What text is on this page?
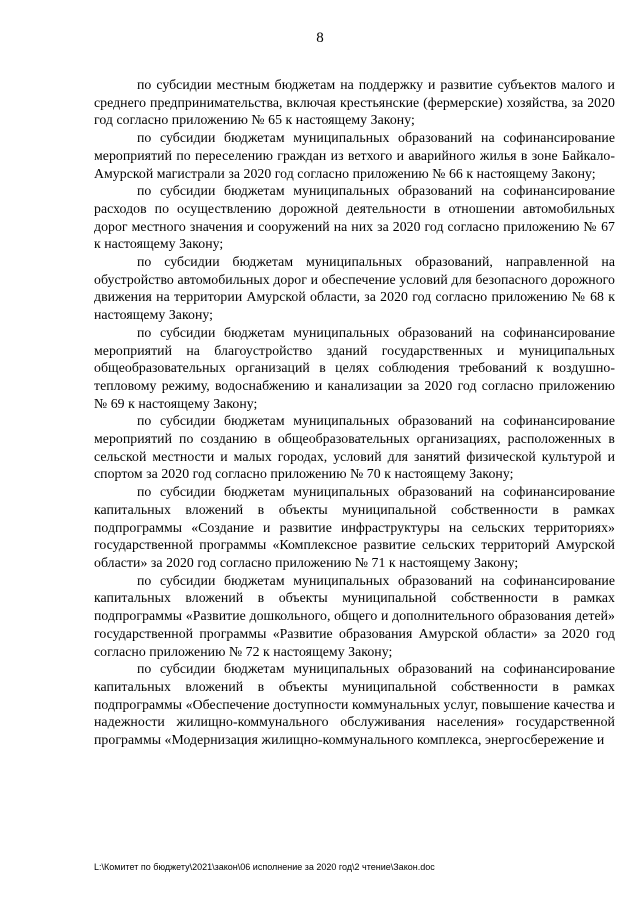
8

по субсидии местным бюджетам на поддержку и развитие субъектов малого и среднего предпринимательства, включая крестьянские (фермерские) хозяйства, за 2020 год согласно приложению № 65 к настоящему Закону;

по субсидии бюджетам муниципальных образований на софинансирование мероприятий по переселению граждан из ветхого и аварийного жилья в зоне Байкало-Амурской магистрали за 2020 год согласно приложению № 66 к настоящему Закону;

по субсидии бюджетам муниципальных образований на софинансирование расходов по осуществлению дорожной деятельности в отношении автомобильных дорог местного значения и сооружений на них за 2020 год согласно приложению № 67 к настоящему Закону;

по субсидии бюджетам муниципальных образований, направленной на обустройство автомобильных дорог и обеспечение условий для безопасного дорожного движения на территории Амурской области, за 2020 год согласно приложению № 68 к настоящему Закону;

по субсидии бюджетам муниципальных образований на софинансирование мероприятий на благоустройство зданий государственных и муниципальных общеобразовательных организаций в целях соблюдения требований к воздушно-тепловому режиму, водоснабжению и канализации за 2020 год согласно приложению № 69 к настоящему Закону;

по субсидии бюджетам муниципальных образований на софинансирование мероприятий по созданию в общеобразовательных организациях, расположенных в сельской местности и малых городах, условий для занятий физической культурой и спортом за 2020 год согласно приложению № 70 к настоящему Закону;

по субсидии бюджетам муниципальных образований на софинансирование капитальных вложений в объекты муниципальной собственности в рамках подпрограммы «Создание и развитие инфраструктуры на сельских территориях» государственной программы «Комплексное развитие сельских территорий Амурской области» за 2020 год согласно приложению № 71 к настоящему Закону;

по субсидии бюджетам муниципальных образований на софинансирование капитальных вложений в объекты муниципальной собственности в рамках подпрограммы «Развитие дошкольного, общего и дополнительного образования детей» государственной программы «Развитие образования Амурской области» за 2020 год согласно приложению № 72 к настоящему Закону;

по субсидии бюджетам муниципальных образований на софинансирование капитальных вложений в объекты муниципальной собственности в рамках подпрограммы «Обеспечение доступности коммунальных услуг, повышение качества и надежности жилищно-коммунального обслуживания населения» государственной программы «Модернизация жилищно-коммунального комплекса, энергосбережение и

L:\Комитет по бюджету\2021\закон\06 исполнение за 2020 год\2 чтение\Закон.doc
